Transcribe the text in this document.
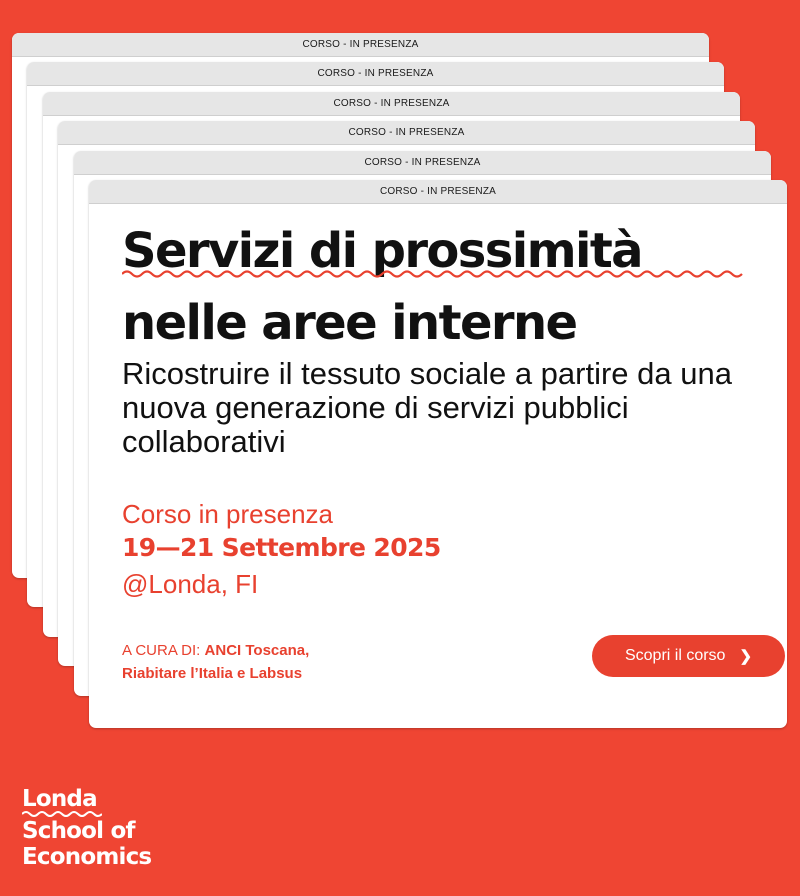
CORSO - IN PRESENZA
CORSO - IN PRESENZA
CORSO - IN PRESENZA
CORSO - IN PRESENZA
CORSO - IN PRESENZA
CORSO - IN PRESENZA
Servizi di prossimità
nelle aree interne

Ricostruire il tessuto sociale a partire da una nuova generazione di servizi pubblici collaborativi

Corso in presenza
19—21 Settembre 2025
@Londa, FI
A CURA DI: ANCI Toscana,
Riabitare l’Italia e Labsus
Scopri il corso ❯
Londa
School of
Economics
